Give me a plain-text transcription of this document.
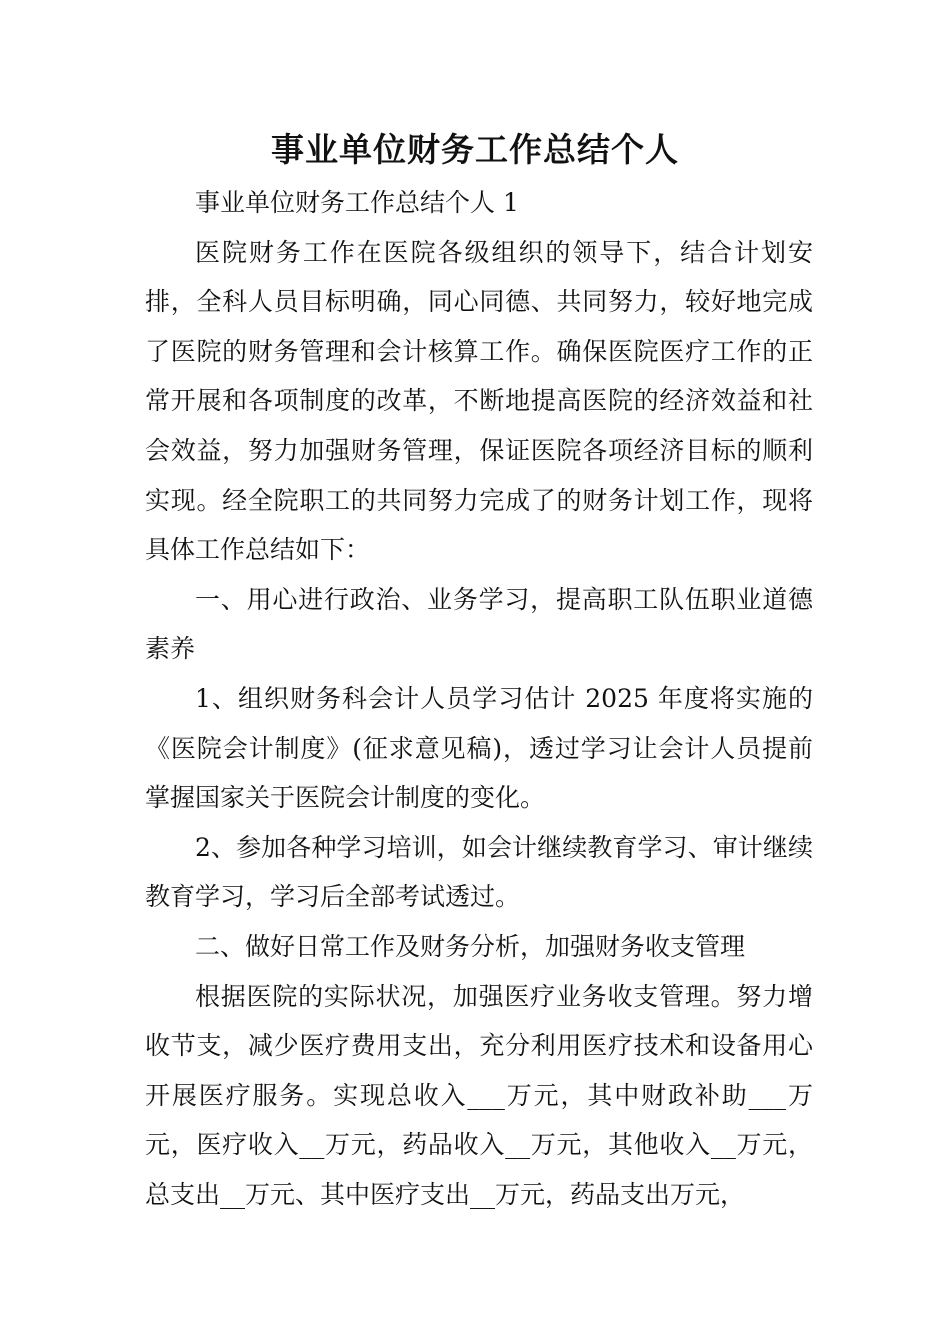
事业单位财务工作总结个人

事业单位财务工作总结个人 1

医院财务工作在医院各级组织的领导下，结合计划安排，全科人员目标明确，同心同德、共同努力，较好地完成了医院的财务管理和会计核算工作。确保医院医疗工作的正常开展和各项制度的改革，不断地提高医院的经济效益和社会效益，努力加强财务管理，保证医院各项经济目标的顺利实现。经全院职工的共同努力完成了的财务计划工作，现将具体工作总结如下：

一、用心进行政治、业务学习，提高职工队伍职业道德素养

1、组织财务科会计人员学习估计 2025 年度将实施的《医院会计制度》(征求意见稿)，透过学习让会计人员提前掌握国家关于医院会计制度的变化。

2、参加各种学习培训，如会计继续教育学习、审计继续教育学习，学习后全部考试透过。

二、做好日常工作及财务分析，加强财务收支管理

根据医院的实际状况，加强医疗业务收支管理。努力增收节支，减少医疗费用支出，充分利用医疗技术和设备用心开展医疗服务。实现总收入___万元，其中财政补助___万元，医疗收入__万元，药品收入__万元，其他收入__万元，总支出__万元、其中医疗支出__万元，药品支出万元，
